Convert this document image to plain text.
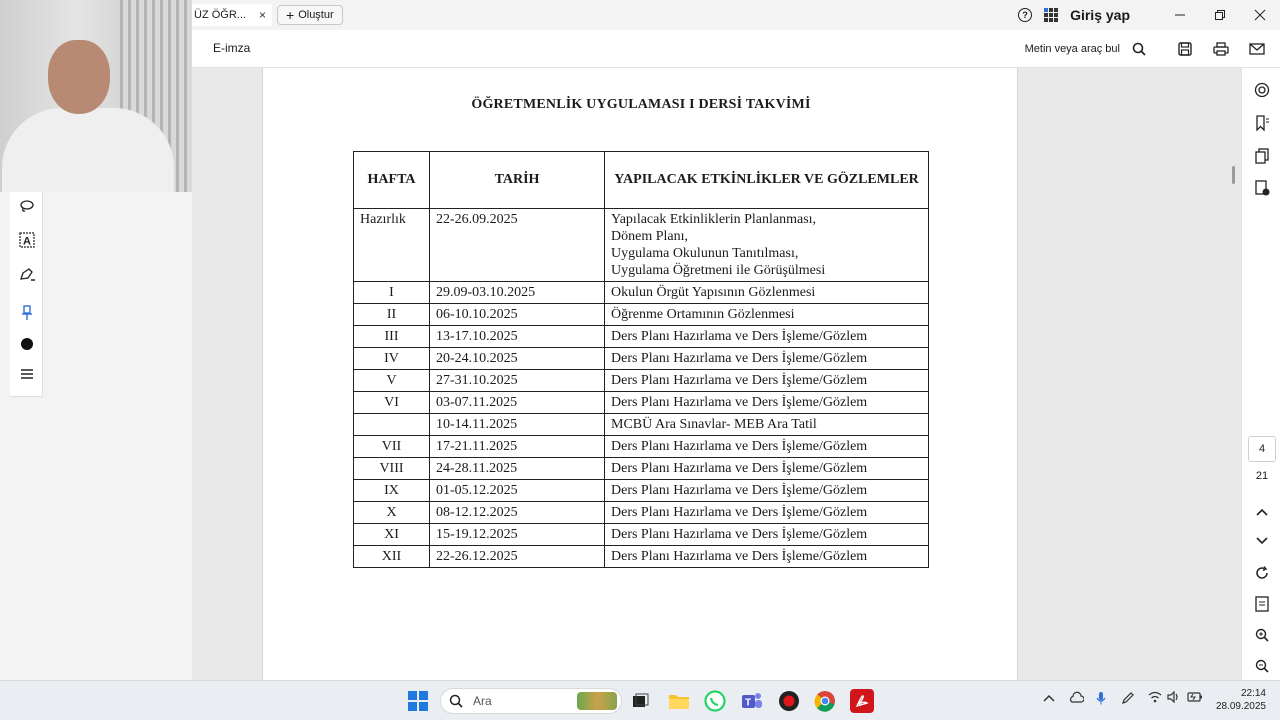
ÜZ ÖĞR... × + Oluştur	?	Giriş yap
E-imza	Metin veya araç bul
ÖĞRETMENLİK UYGULAMASI I DERSİ TAKVİMİ
HAFTA	TARİH	YAPILACAK ETKİNLİKLER VE GÖZLEMLER
Hazırlık	22-26.09.2025	Yapılacak Etkinliklerin Planlanması,
Dönem Planı,
Uygulama Okulunun Tanıtılması,
Uygulama Öğretmeni ile Görüşülmesi

I	29.09-03.10.2025	Okulun Örgüt Yapısının Gözlenmesi
II	06-10.10.2025	Öğrenme Ortamının Gözlenmesi
III	13-17.10.2025	Ders Planı Hazırlama ve Ders İşleme/Gözlem
IV	20-24.10.2025	Ders Planı Hazırlama ve Ders İşleme/Gözlem
V	27-31.10.2025	Ders Planı Hazırlama ve Ders İşleme/Gözlem
VI	03-07.11.2025	Ders Planı Hazırlama ve Ders İşleme/Gözlem
	10-14.11.2025	MCBÜ Ara Sınavlar- MEB Ara Tatil
VII	17-21.11.2025	Ders Planı Hazırlama ve Ders İşleme/Gözlem
VIII	24-28.11.2025	Ders Planı Hazırlama ve Ders İşleme/Gözlem
IX	01-05.12.2025	Ders Planı Hazırlama ve Ders İşleme/Gözlem
X	08-12.12.2025	Ders Planı Hazırlama ve Ders İşleme/Gözlem
XI	15-19.12.2025	Ders Planı Hazırlama ve Ders İşleme/Gözlem
XII	22-26.12.2025	Ders Planı Hazırlama ve Ders İşleme/Gözlem
A
4
21
Ara	T
22:14
28.09.2025
